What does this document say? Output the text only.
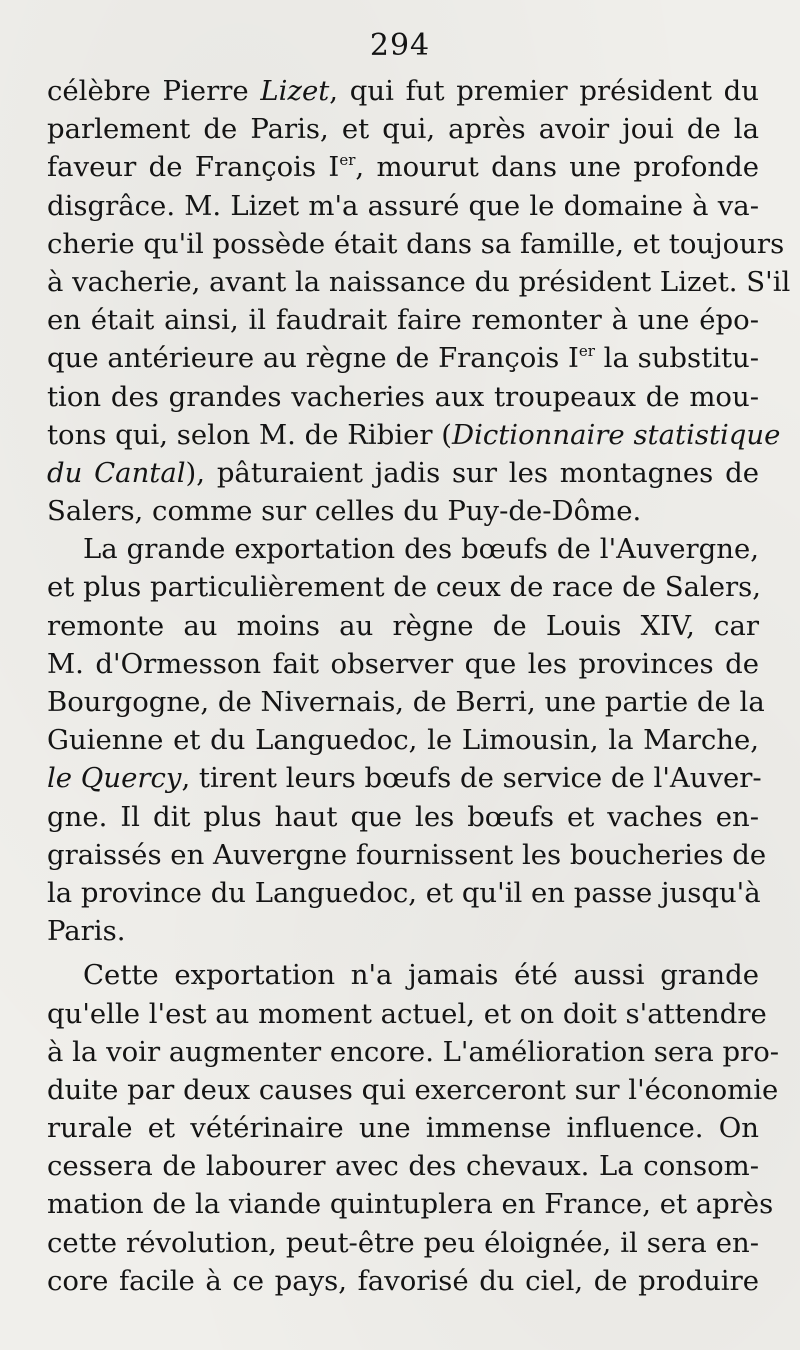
294
célèbre Pierre Lizet, qui fut premier président du
parlement de Paris, et qui, après avoir joui de la
faveur de François Ier, mourut dans une profonde
disgrâce. M. Lizet m'a assuré que le domaine à va-
cherie qu'il possède était dans sa famille, et toujours
à vacherie, avant la naissance du président Lizet. S'il
en était ainsi, il faudrait faire remonter à une épo-
que antérieure au règne de François Ier la substitu-
tion des grandes vacheries aux troupeaux de mou-
tons qui, selon M. de Ribier (Dictionnaire statistique
du Cantal), pâturaient jadis sur les montagnes de
Salers, comme sur celles du Puy-de-Dôme.
La grande exportation des bœufs de l'Auvergne,
et plus particulièrement de ceux de race de Salers,
remonte au moins au règne de Louis XIV, car
M. d'Ormesson fait observer que les provinces de
Bourgogne, de Nivernais, de Berri, une partie de la
Guienne et du Languedoc, le Limousin, la Marche,
le Quercy, tirent leurs bœufs de service de l'Auver-
gne. Il dit plus haut que les bœufs et vaches en-
graissés en Auvergne fournissent les boucheries de
la province du Languedoc, et qu'il en passe jusqu'à
Paris.
Cette exportation n'a jamais été aussi grande
qu'elle l'est au moment actuel, et on doit s'attendre
à la voir augmenter encore. L'amélioration sera pro-
duite par deux causes qui exerceront sur l'économie
rurale et vétérinaire une immense influence. On
cessera de labourer avec des chevaux. La consom-
mation de la viande quintuplera en France, et après
cette révolution, peut-être peu éloignée, il sera en-
core facile à ce pays, favorisé du ciel, de produire
